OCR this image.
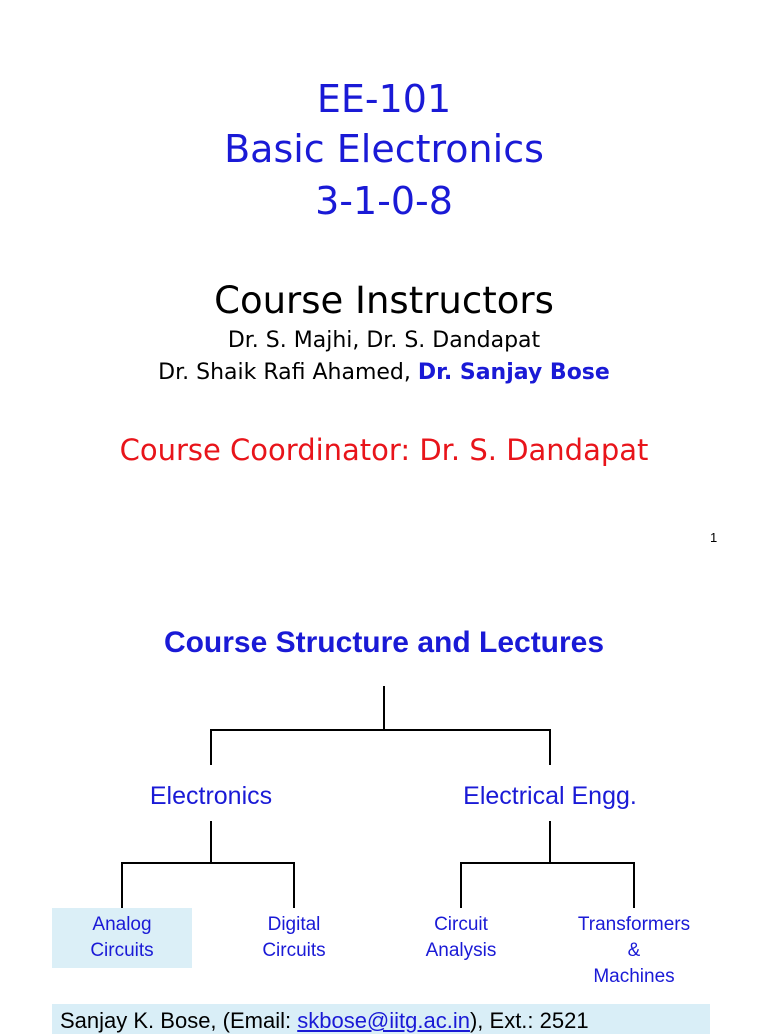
EE-101
Basic Electronics
3-1-0-8
Course Instructors
Dr. S. Majhi, Dr. S. Dandapat
Dr. Shaik Rafi Ahamed, Dr. Sanjay Bose
Course Coordinator: Dr. S. Dandapat
1
Course Structure and Lectures
Electronics	Electrical Engg.
Analog
Circuits
Digital
Circuits
Circuit
Analysis
Transformers
&
Machines
Sanjay K. Bose, (Email: skbose@iitg.ac.in), Ext.: 2521
